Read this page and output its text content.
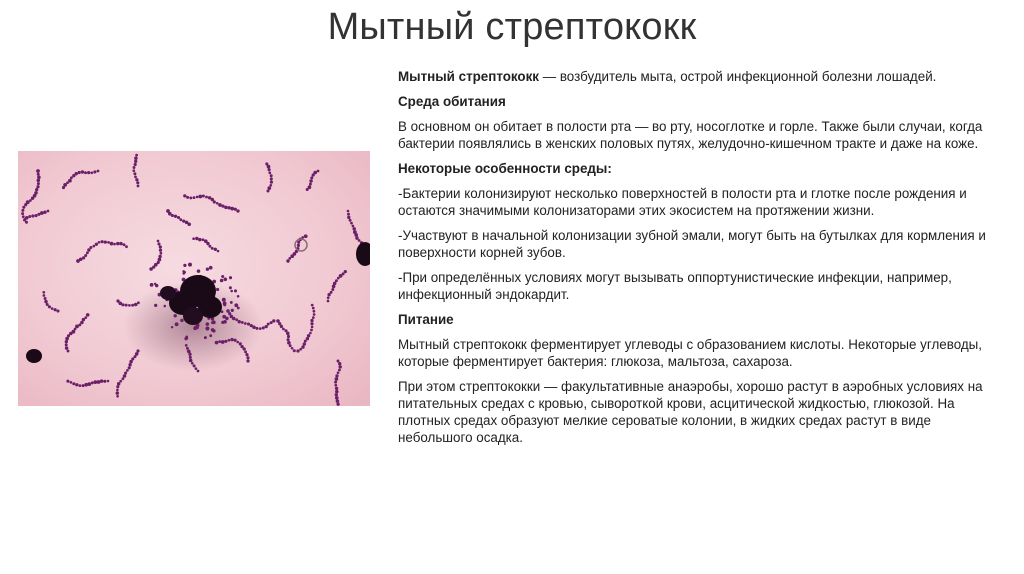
Мытный стрептококк

Мытный стрептококк — возбудитель мыта, острой инфекционной болезни лошадей.

Среда обитания

В основном он обитает в полости рта — во рту, носоглотке и горле. Также были случаи, когда бактерии появлялись в женских половых путях, желудочно-кишечном тракте и даже на коже.

Некоторые особенности среды:

-Бактерии колонизируют несколько поверхностей в полости рта и глотке после рождения и остаются значимыми колонизаторами этих экосистем на протяжении жизни.

-Участвуют в начальной колонизации зубной эмали, могут быть на бутылках для кормления и поверхности корней зубов.

-При определённых условиях могут вызывать оппортунистические инфекции, например, инфекционный эндокардит.

Питание

Мытный стрептококк ферментирует углеводы с образованием кислоты. Некоторые углеводы, которые ферментирует бактерия: глюкоза, мальтоза, сахароза.

При этом стрептококки — факультативные анаэробы, хорошо растут в аэробных условиях на питательных средах с кровью, сывороткой крови, асцитической жидкостью, глюкозой. На плотных средах образуют мелкие сероватые колонии, в жидких средах растут в виде небольшого осадка.
